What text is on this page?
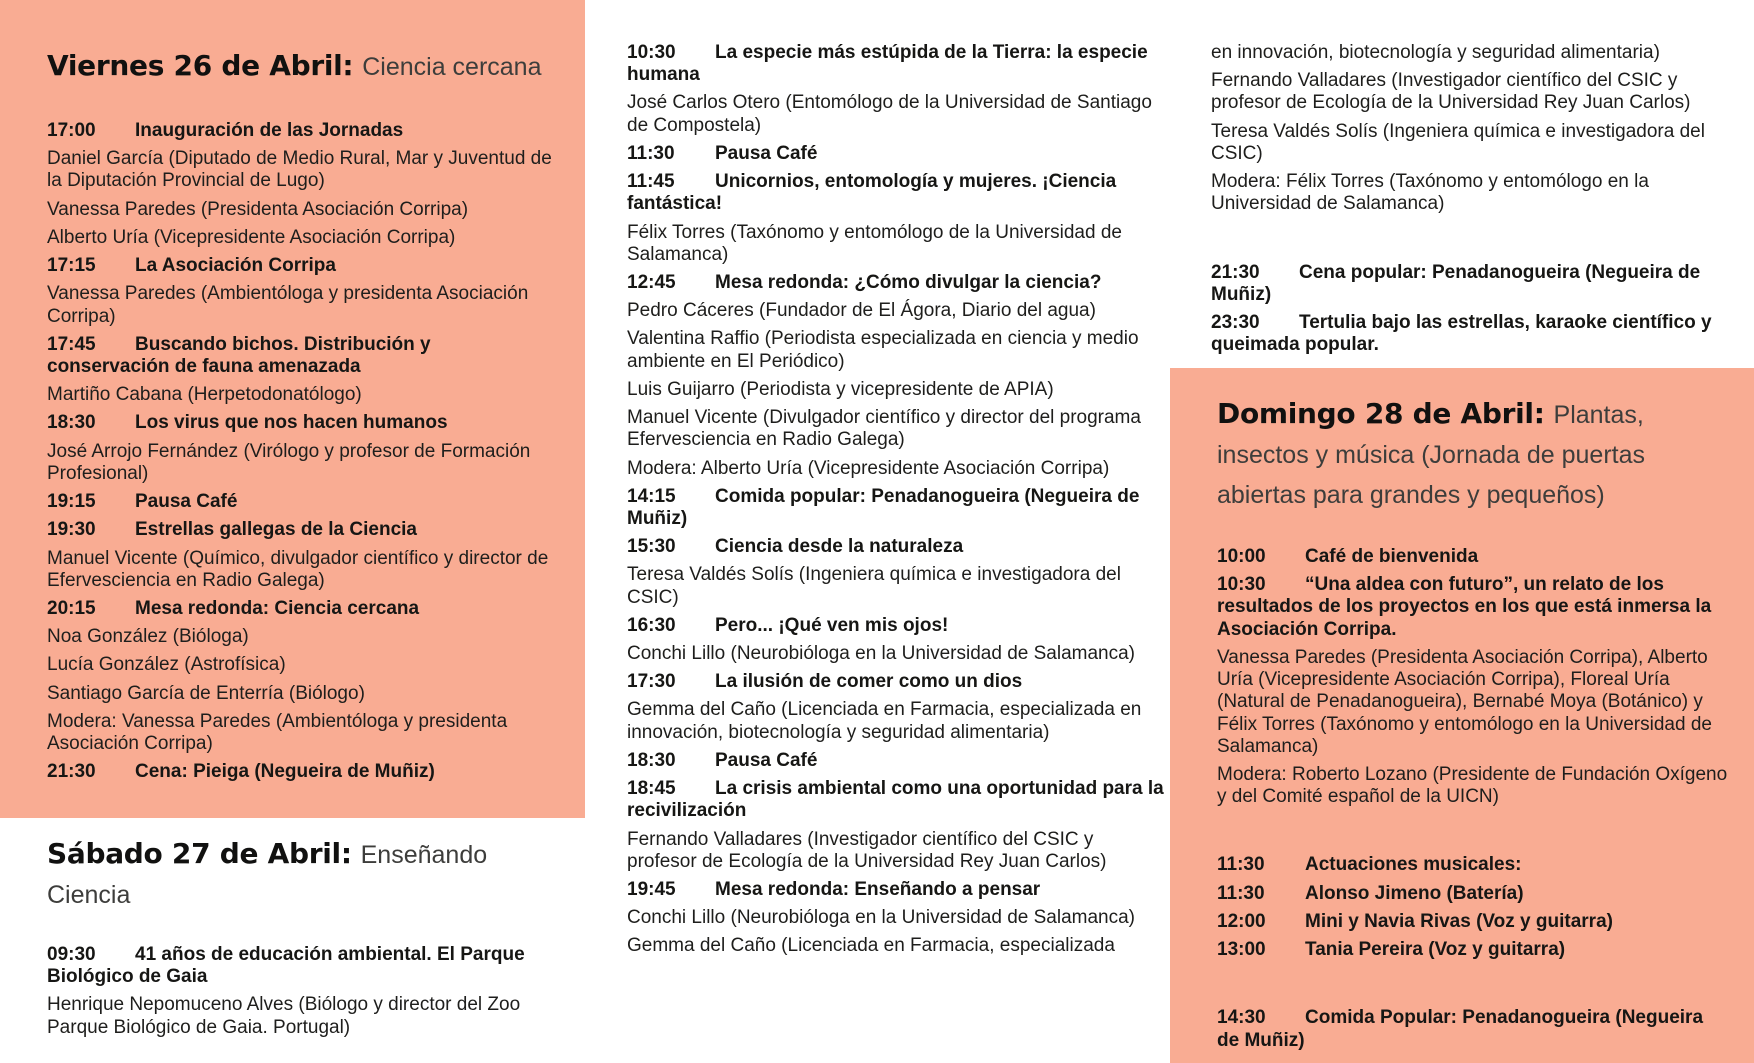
Viernes 26 de Abril: Ciencia cercana
17:00 Inauguración de las Jornadas
Daniel García (Diputado de Medio Rural, Mar y Juventud de la Diputación Provincial de Lugo)
Vanessa Paredes (Presidenta Asociación Corripa)
Alberto Uría (Vicepresidente Asociación Corripa)
17:15 La Asociación Corripa
Vanessa Paredes (Ambientóloga y presidenta Asociación Corripa)
17:45 Buscando bichos. Distribución y conservación de fauna amenazada
Martiño Cabana (Herpetodonatólogo)
18:30 Los virus que nos hacen humanos
José Arrojo Fernández (Virólogo y profesor de Formación Profesional)
19:15 Pausa Café
19:30 Estrellas gallegas de la Ciencia
Manuel Vicente (Químico, divulgador científico y director de Efervesciencia en Radio Galega)
20:15 Mesa redonda: Ciencia cercana
Noa González (Bióloga)
Lucía González (Astrofísica)
Santiago García de Enterría (Biólogo)
Modera: Vanessa Paredes (Ambientóloga y presidenta Asociación Corripa)
21:30 Cena: Pieiga (Negueira de Muñiz)
Sábado 27 de Abril: Enseñando Ciencia
09:30 41 años de educación ambiental. El Parque Biológico de Gaia
Henrique Nepomuceno Alves (Biólogo y director del Zoo Parque Biológico de Gaia. Portugal)
10:30 La especie más estúpida de la Tierra: la especie humana
José Carlos Otero (Entomólogo de la Universidad de Santiago de Compostela)
11:30 Pausa Café
11:45 Unicornios, entomología y mujeres. ¡Ciencia fantástica!
Félix Torres (Taxónomo y entomólogo de la Universidad de Salamanca)
12:45 Mesa redonda: ¿Cómo divulgar la ciencia?
Pedro Cáceres (Fundador de El Ágora, Diario del agua)
Valentina Raffio (Periodista especializada en ciencia y medio ambiente en El Periódico)
Luis Guijarro (Periodista y vicepresidente de APIA)
Manuel Vicente (Divulgador científico y director del programa Efervesciencia en Radio Galega)
Modera: Alberto Uría (Vicepresidente Asociación Corripa)
14:15 Comida popular: Penadanogueira (Negueira de Muñiz)
15:30 Ciencia desde la naturaleza
Teresa Valdés Solís (Ingeniera química e investigadora del CSIC)
16:30 Pero... ¡Qué ven mis ojos!
Conchi Lillo (Neurobióloga en la Universidad de Salamanca)
17:30 La ilusión de comer como un dios
Gemma del Caño (Licenciada en Farmacia, especializada en innovación, biotecnología y seguridad alimentaria)
18:30 Pausa Café
18:45 La crisis ambiental como una oportunidad para la recivilización
Fernando Valladares (Investigador científico del CSIC y profesor de Ecología de la Universidad Rey Juan Carlos)
19:45 Mesa redonda: Enseñando a pensar
Conchi Lillo (Neurobióloga en la Universidad de Salamanca)
Gemma del Caño (Licenciada en Farmacia, especializada
en innovación, biotecnología y seguridad alimentaria)
Fernando Valladares (Investigador científico del CSIC y profesor de Ecología de la Universidad Rey Juan Carlos)
Teresa Valdés Solís (Ingeniera química e investigadora del CSIC)
Modera: Félix Torres (Taxónomo y entomólogo en la Universidad de Salamanca)
21:30 Cena popular: Penadanogueira (Negueira de Muñiz)
23:30 Tertulia bajo las estrellas, karaoke científico y queimada popular.
Domingo 28 de Abril: Plantas, insectos y música (Jornada de puertas abiertas para grandes y pequeños)
10:00 Café de bienvenida
10:30 “Una aldea con futuro”, un relato de los resultados de los proyectos en los que está inmersa la Asociación Corripa.
Vanessa Paredes (Presidenta Asociación Corripa), Alberto Uría (Vicepresidente Asociación Corripa), Floreal Uría (Natural de Penadanogueira), Bernabé Moya (Botánico) y Félix Torres (Taxónomo y entomólogo en la Universidad de Salamanca)
Modera: Roberto Lozano (Presidente de Fundación Oxígeno y del Comité español de la UICN)
11:30 Actuaciones musicales:
11:30 Alonso Jimeno (Batería)
12:00 Mini y Navia Rivas (Voz y guitarra)
13:00 Tania Pereira (Voz y guitarra)
14:30 Comida Popular: Penadanogueira (Negueira de Muñiz)
